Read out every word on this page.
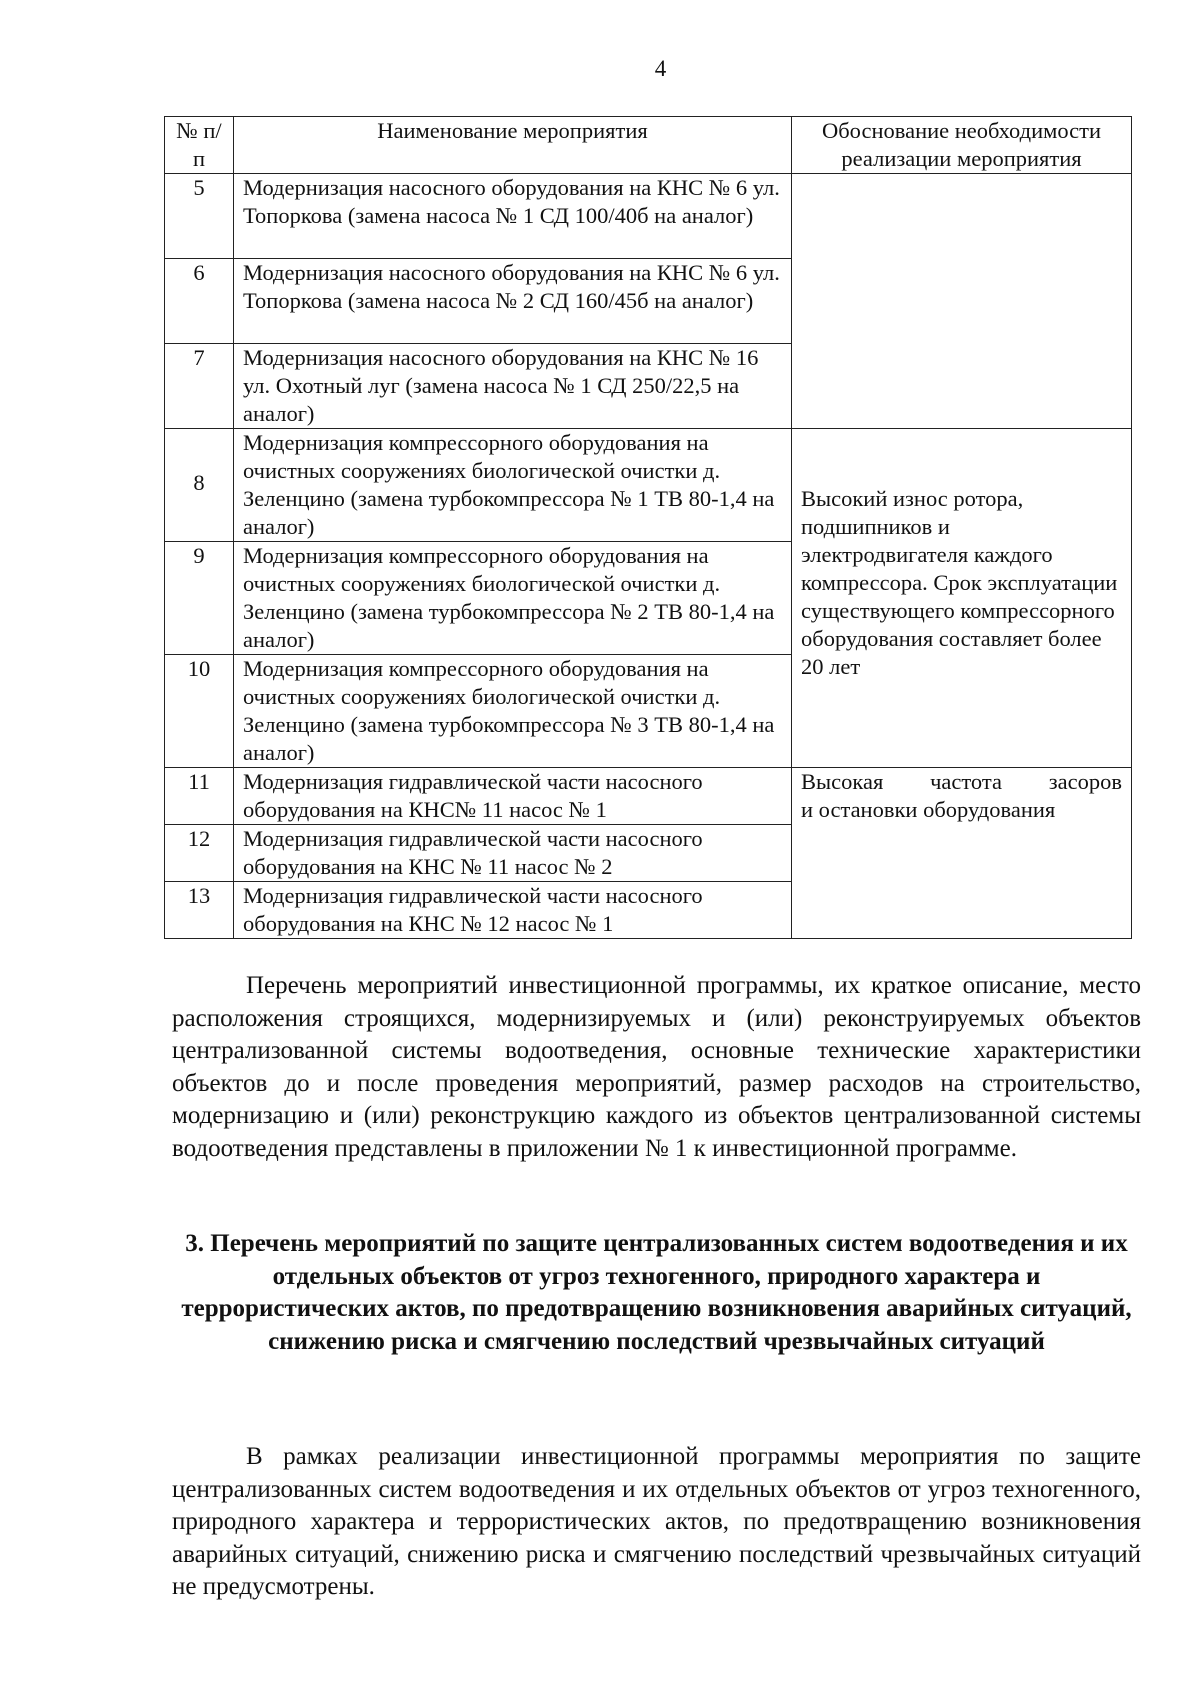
4
№ п/п	Наименование мероприятия	Обоснование необходимости реализации мероприятия
5	Модернизация насосного оборудования на КНС № 6 ул. Топоркова (замена насоса № 1 СД 100/40б на аналог)	
6	Модернизация насосного оборудования на КНС № 6 ул. Топоркова (замена насоса № 2 СД 160/45б на аналог)	
7	Модернизация насосного оборудования на КНС № 16 ул. Охотный луг (замена насоса № 1 СД 250/22,5 на аналог)	
8	Модернизация компрессорного оборудования на очистных сооружениях биологической очистки д. Зеленцино (замена турбокомпрессора № 1 ТВ 80-1,4 на аналог)	Высокий износ ротора, подшипников и электродвигателя каждого компрессора. Срок эксплуатации существующего компрессорного оборудования составляет более 20 лет
9	Модернизация компрессорного оборудования на очистных сооружениях биологической очистки д. Зеленцино (замена турбокомпрессора № 2 ТВ 80-1,4 на аналог)	
10	Модернизация компрессорного оборудования на очистных сооружениях биологической очистки д. Зеленцино (замена турбокомпрессора № 3 ТВ 80-1,4 на аналог)	
11	Модернизация гидравлической части насосного оборудования на КНС№ 11 насос № 1	Высокая частота засоров
и остановки оборудования

12	Модернизация гидравлической части насосного оборудования на КНС № 11 насос № 2	
13	Модернизация гидравлической части насосного оборудования на КНС № 12 насос № 1	

Перечень мероприятий инвестиционной программы, их краткое описание, место расположения строящихся, модернизируемых и (или) реконструируемых объектов централизованной системы водоотведения, основные технические характеристики объектов до и после проведения мероприятий, размер расходов на строительство, модернизацию и (или) реконструкцию каждого из объектов централизованной системы водоотведения представлены в приложении № 1 к инвестиционной программе.

3. Перечень мероприятий по защите централизованных систем водоотведения и их отдельных объектов от угроз техногенного, природного характера и террористических актов, по предотвращению возникновения аварийных ситуаций, снижению риска и смягчению последствий чрезвычайных ситуаций

В рамках реализации инвестиционной программы мероприятия по защите централизованных систем водоотведения и их отдельных объектов от угроз техногенного, природного характера и террористических актов, по предотвращению возникновения аварийных ситуаций, снижению риска и смягчению последствий чрезвычайных ситуаций не предусмотрены.
